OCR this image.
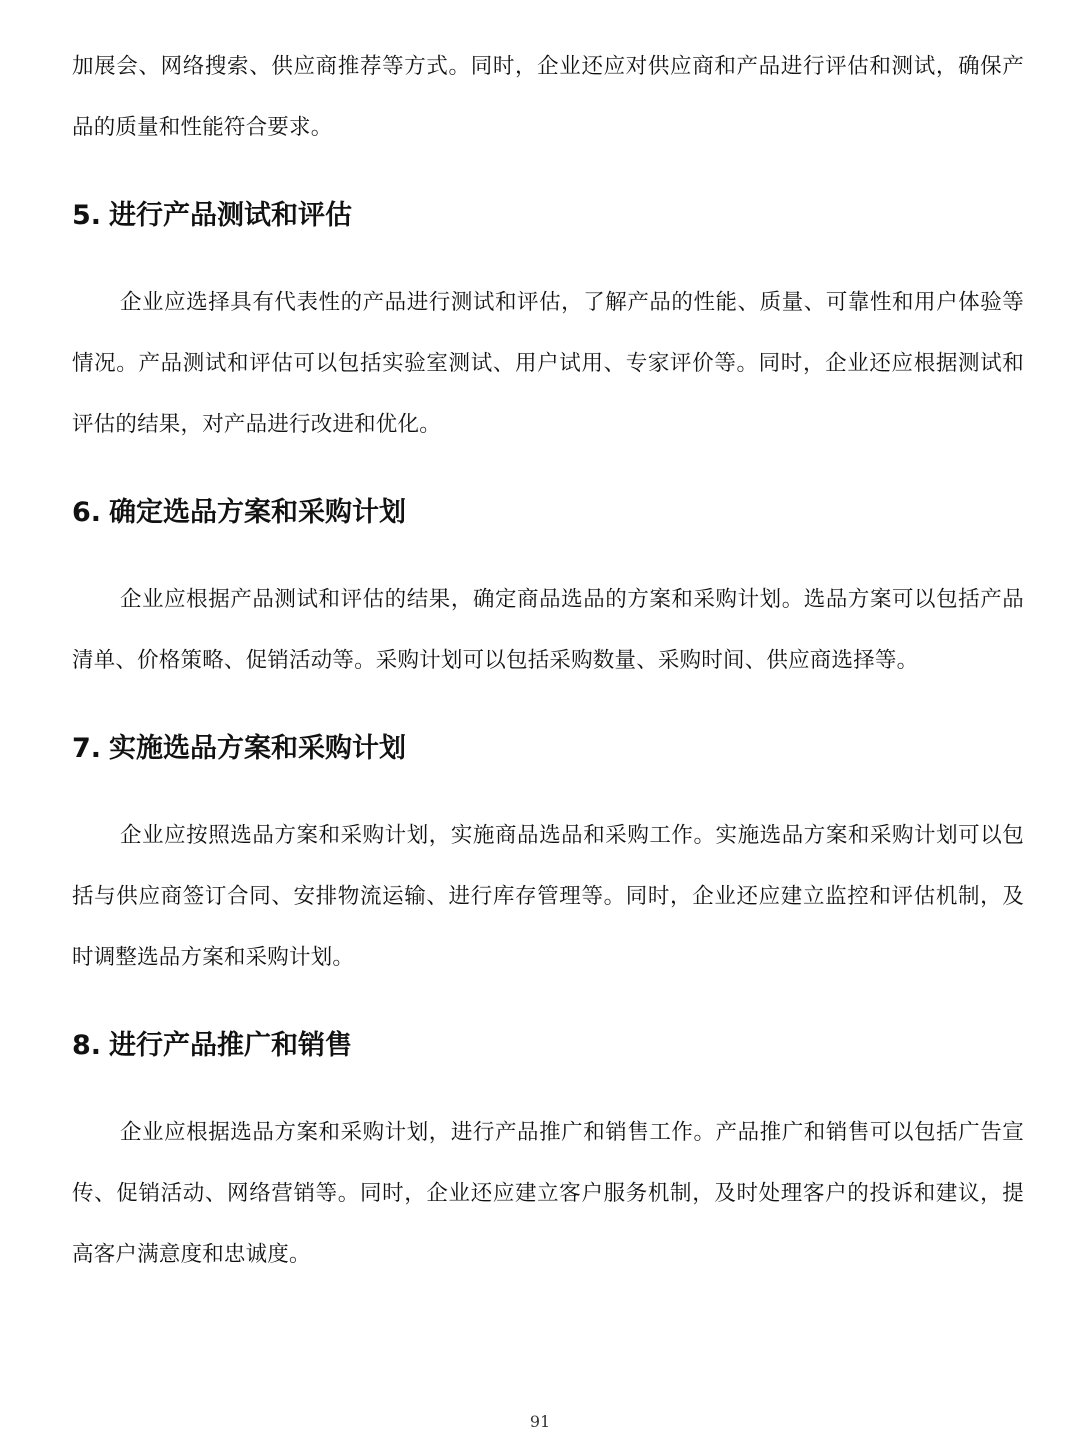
加展会、网络搜索、供应商推荐等方式。同时，企业还应对供应商和产品进行评估和测试，确保产品的质量和性能符合要求。

5. 进行产品测试和评估

企业应选择具有代表性的产品进行测试和评估，了解产品的性能、质量、可靠性和用户体验等情况。产品测试和评估可以包括实验室测试、用户试用、专家评价等。同时，企业还应根据测试和评估的结果，对产品进行改进和优化。

6. 确定选品方案和采购计划

企业应根据产品测试和评估的结果，确定商品选品的方案和采购计划。选品方案可以包括产品清单、价格策略、促销活动等。采购计划可以包括采购数量、采购时间、供应商选择等。

7. 实施选品方案和采购计划

企业应按照选品方案和采购计划，实施商品选品和采购工作。实施选品方案和采购计划可以包括与供应商签订合同、安排物流运输、进行库存管理等。同时，企业还应建立监控和评估机制，及时调整选品方案和采购计划。

8. 进行产品推广和销售

企业应根据选品方案和采购计划，进行产品推广和销售工作。产品推广和销售可以包括广告宣传、促销活动、网络营销等。同时，企业还应建立客户服务机制，及时处理客户的投诉和建议，提高客户满意度和忠诚度。

91
